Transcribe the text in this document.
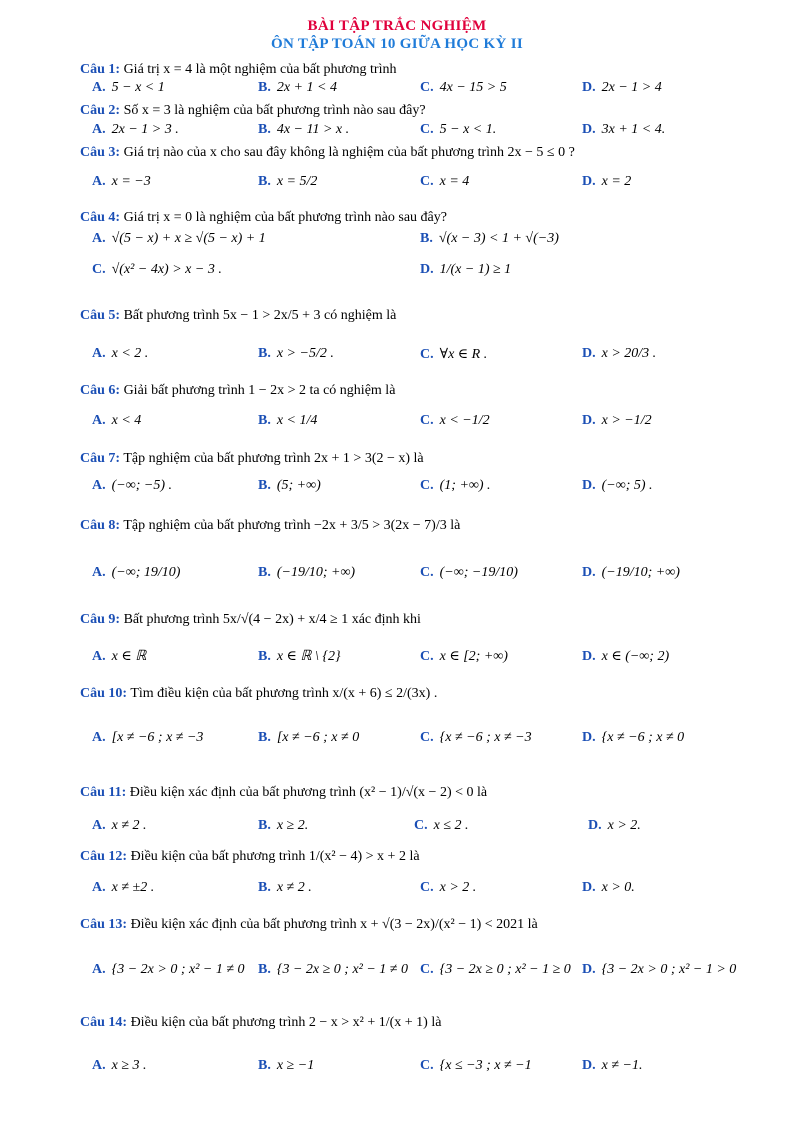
BÀI TẬP TRẮC NGHIỆM
ÔN TẬP TOÁN 10 GIỮA HỌC KỲ II
Câu 1: Giá trị x = 4 là một nghiệm của bất phương trình
A. 5 − x < 1	B. 2x + 1 < 4	C. 4x − 15 > 5	D. 2x − 1 > 4
Câu 2: Số x = 3 là nghiệm của bất phương trình nào sau đây?
A. 2x − 1 > 3 .	B. 4x − 11 > x .	C. 5 − x < 1.	D. 3x + 1 < 4.
Câu 3: Giá trị nào của x cho sau đây không là nghiệm của bất phương trình 2x − 5 ≤ 0 ?
A. x = −3	B. x = 5/2	C. x = 4	D. x = 2
Câu 4: Giá trị x = 0 là nghiệm của bất phương trình nào sau đây?
A. √(5 − x) + x ≥ √(5 − x) + 1	B. √(x − 3) < 1 + √(−3)
C. √(x² − 4x) > x − 3 .	D. 1/(x − 1) ≥ 1
Câu 5: Bất phương trình 5x − 1 > 2x/5 + 3 có nghiệm là
A. x < 2 .	B. x > −5/2 .	C. ∀x ∈ R .	D. x > 20/3 .
Câu 6: Giải bất phương trình 1 − 2x > 2 ta có nghiệm là
A. x < 4	B. x < 1/4	C. x < −1/2	D. x > −1/2
Câu 7: Tập nghiệm của bất phương trình 2x + 1 > 3(2 − x) là
A. (−∞; −5) .	B. (5; +∞)	C. (1; +∞) .	D. (−∞; 5) .
Câu 8: Tập nghiệm của bất phương trình −2x + 3/5 > 3(2x − 7)/3 là
A. (−∞; 19/10)	B. (−19/10; +∞)	C. (−∞; −19/10)	D. (−19/10; +∞)
Câu 9: Bất phương trình 5x/√(4 − 2x) + x/4 ≥ 1 xác định khi
A. x ∈ ℝ	B. x ∈ ℝ \ {2}	C. x ∈ [2; +∞)	D. x ∈ (−∞; 2)
Câu 10: Tìm điều kiện của bất phương trình x/(x + 6) ≤ 2/(3x) .
A. [x ≠ −6 ; x ≠ −3	B. [x ≠ −6 ; x ≠ 0	C. {x ≠ −6 ; x ≠ −3	D. {x ≠ −6 ; x ≠ 0
Câu 11: Điều kiện xác định của bất phương trình (x² − 1)/√(x − 2) < 0 là
A. x ≠ 2 .	B. x ≥ 2.	C. x ≤ 2 .	D. x > 2.
Câu 12: Điều kiện của bất phương trình 1/(x² − 4) > x + 2 là
A. x ≠ ±2 .	B. x ≠ 2 .	C. x > 2 .	D. x > 0.
Câu 13: Điều kiện xác định của bất phương trình x + √(3 − 2x)/(x² − 1) < 2021 là
A. {3 − 2x > 0 ; x² − 1 ≠ 0 B. {3 − 2x ≥ 0 ; x² − 1 ≠ 0 C. {3 − 2x ≥ 0 ; x² − 1 ≥ 0 D. {3 − 2x > 0 ; x² − 1 > 0
Câu 14: Điều kiện của bất phương trình 2 − x > x² + 1/(x + 1) là
A. x ≥ 3 .	B. x ≥ −1	C. {x ≤ −3 ; x ≠ −1	D. x ≠ −1.
